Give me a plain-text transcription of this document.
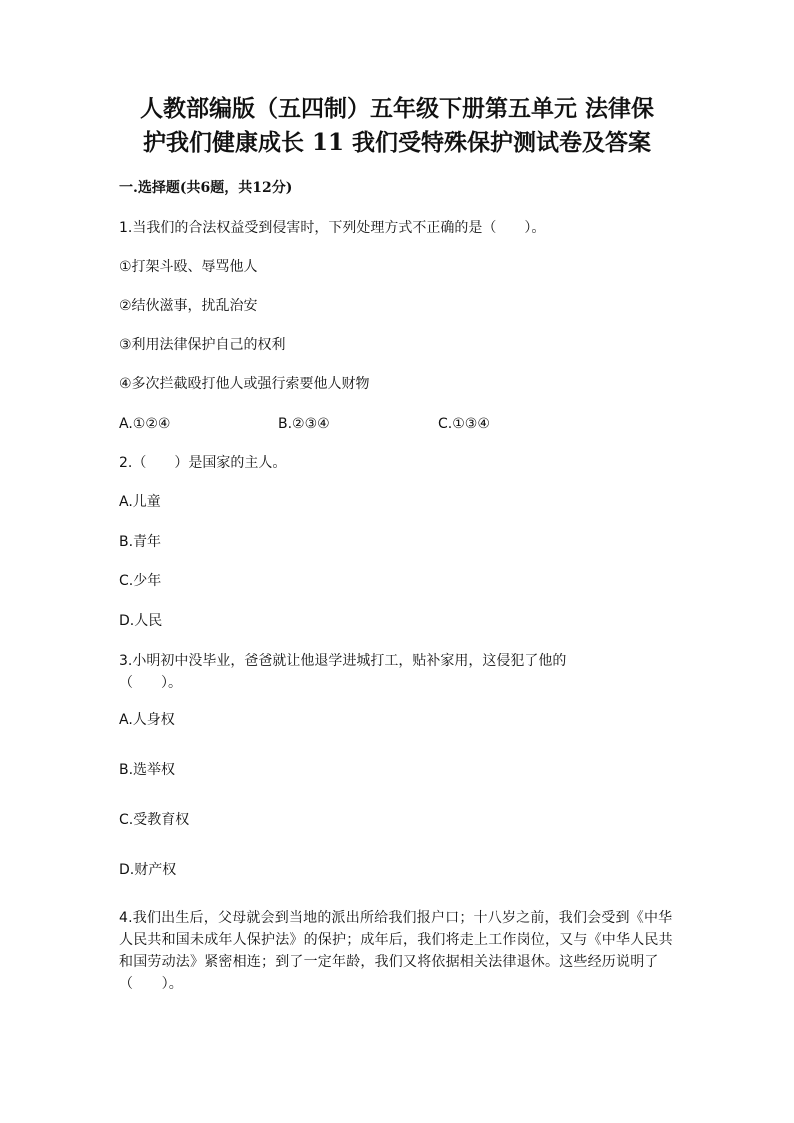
人教部编版（五四制）五年级下册第五单元 法律保
护我们健康成长 11 我们受特殊保护测试卷及答案
一.选择题(共6题，共12分)
1.当我们的合法权益受到侵害时，下列处理方式不正确的是（　　）。
①打架斗殴、辱骂他人
②结伙滋事，扰乱治安
③利用法律保护自己的权利
④多次拦截殴打他人或强行索要他人财物
A.①②④	B.②③④	C.①③④
2.（　　）是国家的主人。
A.儿童
B.青年
C.少年
D.人民
3.小明初中没毕业，爸爸就让他退学进城打工，贴补家用，这侵犯了他的
（　　）。
A.人身权
B.选举权
C.受教育权
D.财产权
4.我们出生后，父母就会到当地的派出所给我们报户口；十八岁之前，我们会受到《中华人民共和国未成年人保护法》的保护；成年后，我们将走上工作岗位，又与《中华人民共和国劳动法》紧密相连；到了一定年龄，我们又将依据相关法律退休。这些经历说明了（　　）。
